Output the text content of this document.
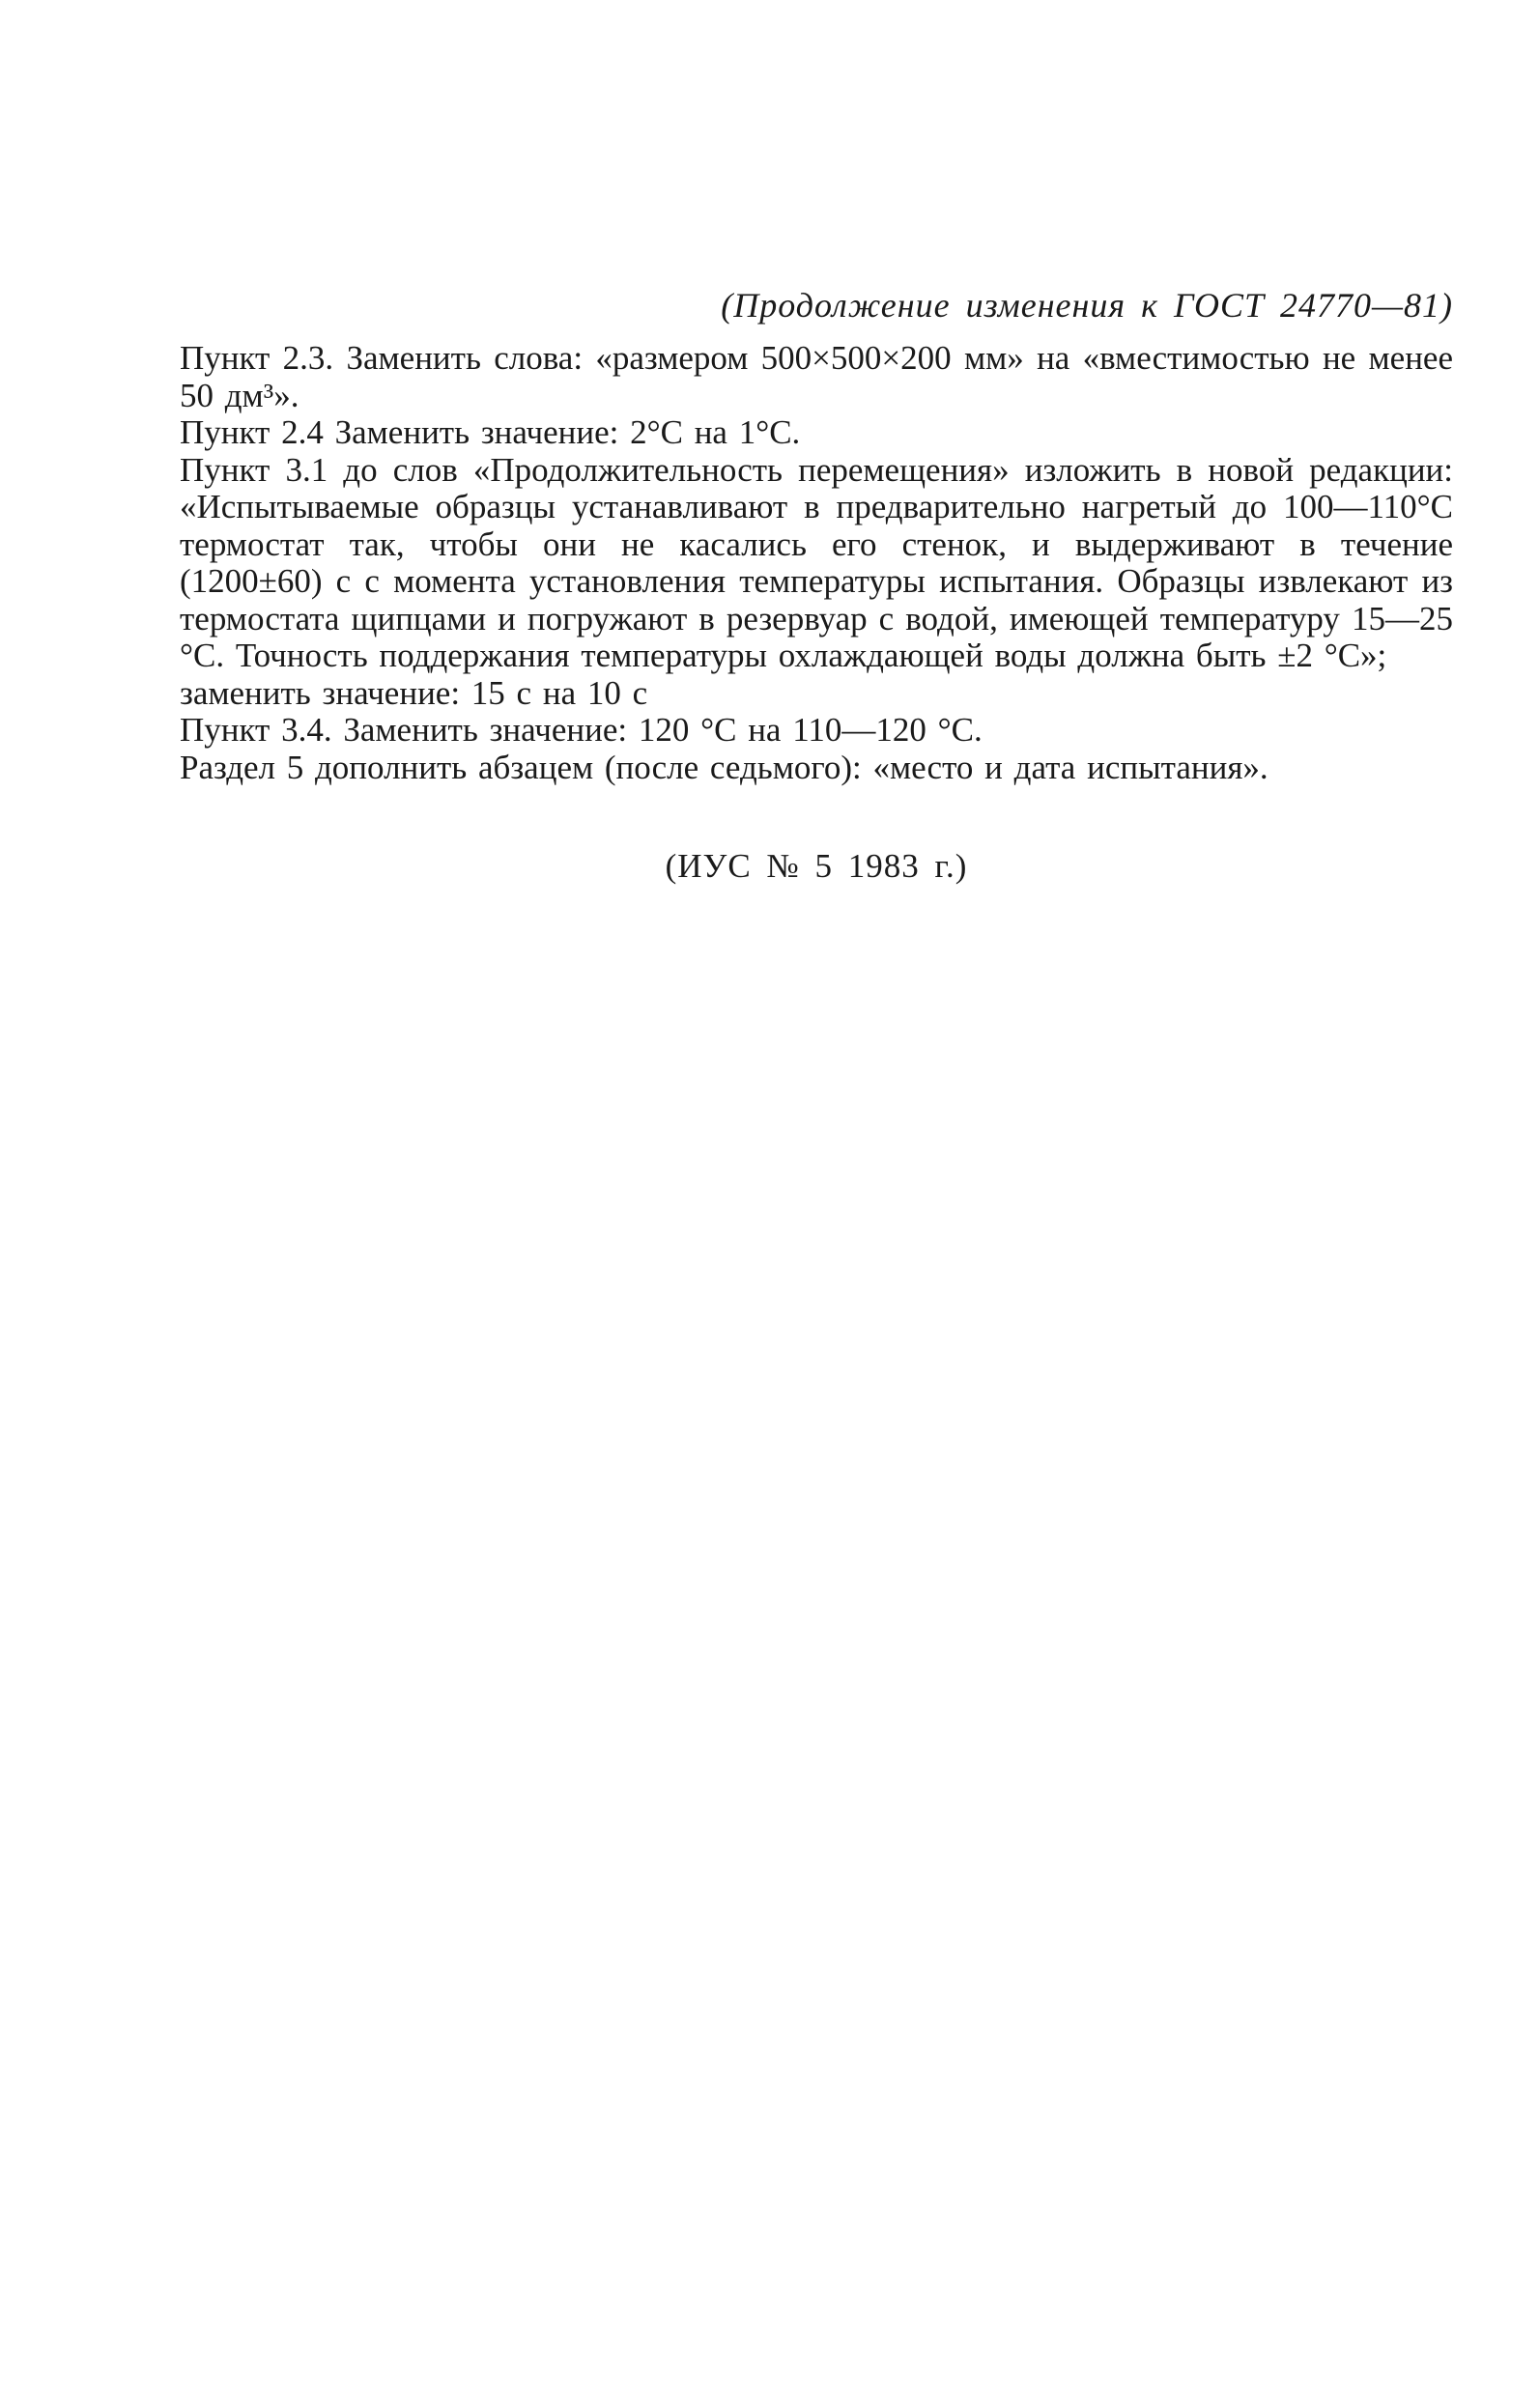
(Продолжение изменения к ГОСТ 24770—81)

Пункт 2.3. Заменить слова: «размером 500×500×200 мм» на «вместимостью не менее 50 дм³».

Пункт 2.4 Заменить значение: 2°С на 1°С.

Пункт 3.1 до слов «Продолжительность перемещения» изложить в новой редакции: «Испытываемые образцы устанавливают в предварительно нагретый до 100—110°С термостат так, чтобы они не касались его стенок, и выдерживают в течение (1200±60) с с момента установления температуры испытания. Образцы извлекают из термостата щипцами и погружают в резервуар с водой, имеющей температуру 15—25 °С. Точность поддержания температуры охлаждающей воды должна быть ±2 °С»;

заменить значение: 15 с на 10 с

Пункт 3.4. Заменить значение: 120 °С на 110—120 °С.

Раздел 5 дополнить абзацем (после седьмого): «место и дата испытания».

(ИУС № 5 1983 г.)
